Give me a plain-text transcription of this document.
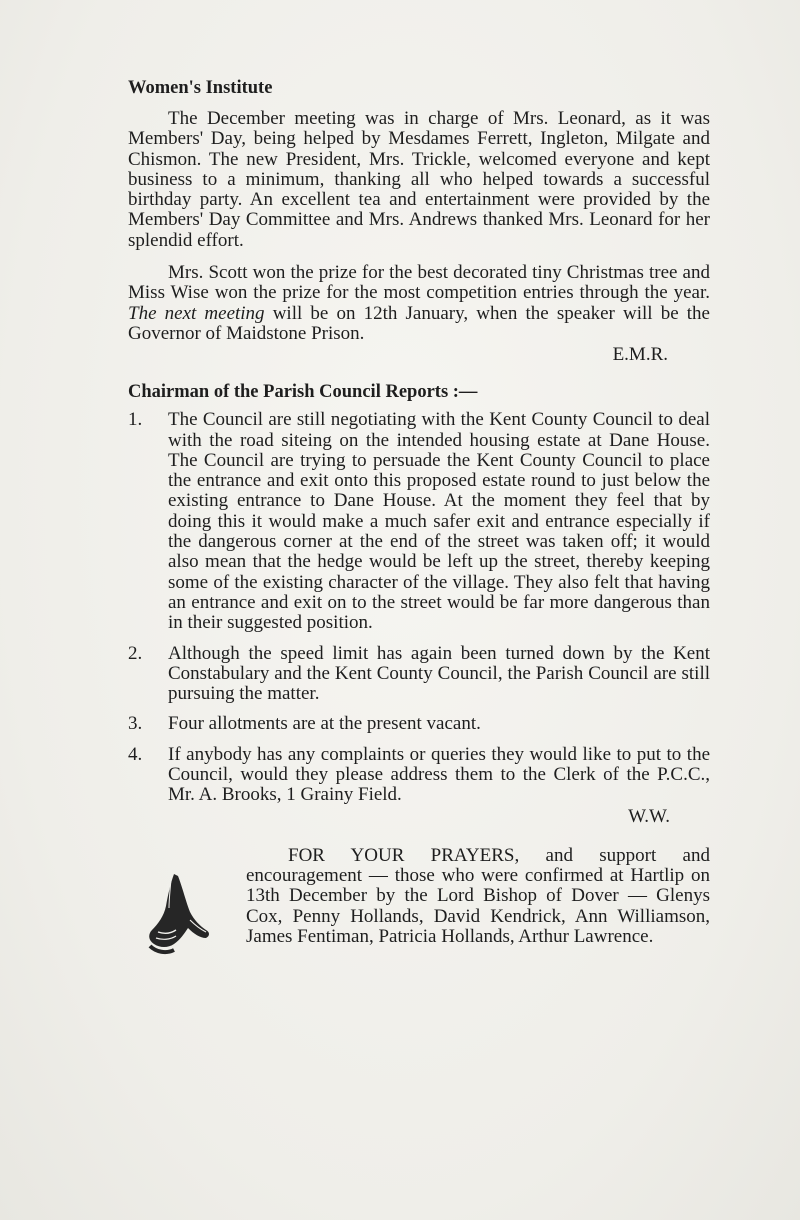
Women's Institute

The December meeting was in charge of Mrs. Leonard, as it was Members' Day, being helped by Mesdames Ferrett, Ingleton, Milgate and Chismon. The new President, Mrs. Trickle, welcomed everyone and kept business to a minimum, thanking all who helped towards a successful birthday party. An excellent tea and entertainment were provided by the Members' Day Committee and Mrs. Andrews thanked Mrs. Leonard for her splendid effort.

Mrs. Scott won the prize for the best decorated tiny Christmas tree and Miss Wise won the prize for the most competition entries through the year. The next meeting will be on 12th January, when the speaker will be the Governor of Maidstone Prison.

E.M.R.
Chairman of the Parish Council Reports :—
1. The Council are still negotiating with the Kent County Council to deal with the road siteing on the intended housing estate at Dane House. The Council are trying to persuade the Kent County Council to place the entrance and exit onto this proposed estate round to just below the existing entrance to Dane House. At the moment they feel that by doing this it would make a much safer exit and entrance especially if the dangerous corner at the end of the street was taken off; it would also mean that the hedge would be left up the street, thereby keeping some of the existing character of the village. They also felt that having an entrance and exit on to the street would be far more dangerous than in their suggested position.
2. Although the speed limit has again been turned down by the Kent Constabulary and the Kent County Council, the Parish Council are still pursuing the matter.
3. Four allotments are at the present vacant.
4. If anybody has any complaints or queries they would like to put to the Council, would they please address them to the Clerk of the P.C.C., Mr. A. Brooks, 1 Grainy Field.
W.W.
FOR YOUR PRAYERS, and support and encouragement — those who were confirmed at Hartlip on 13th December by the Lord Bishop of Dover — Glenys Cox, Penny Hollands, David Kendrick, Ann Williamson, James Fentiman, Patricia Hollands, Arthur Lawrence.
